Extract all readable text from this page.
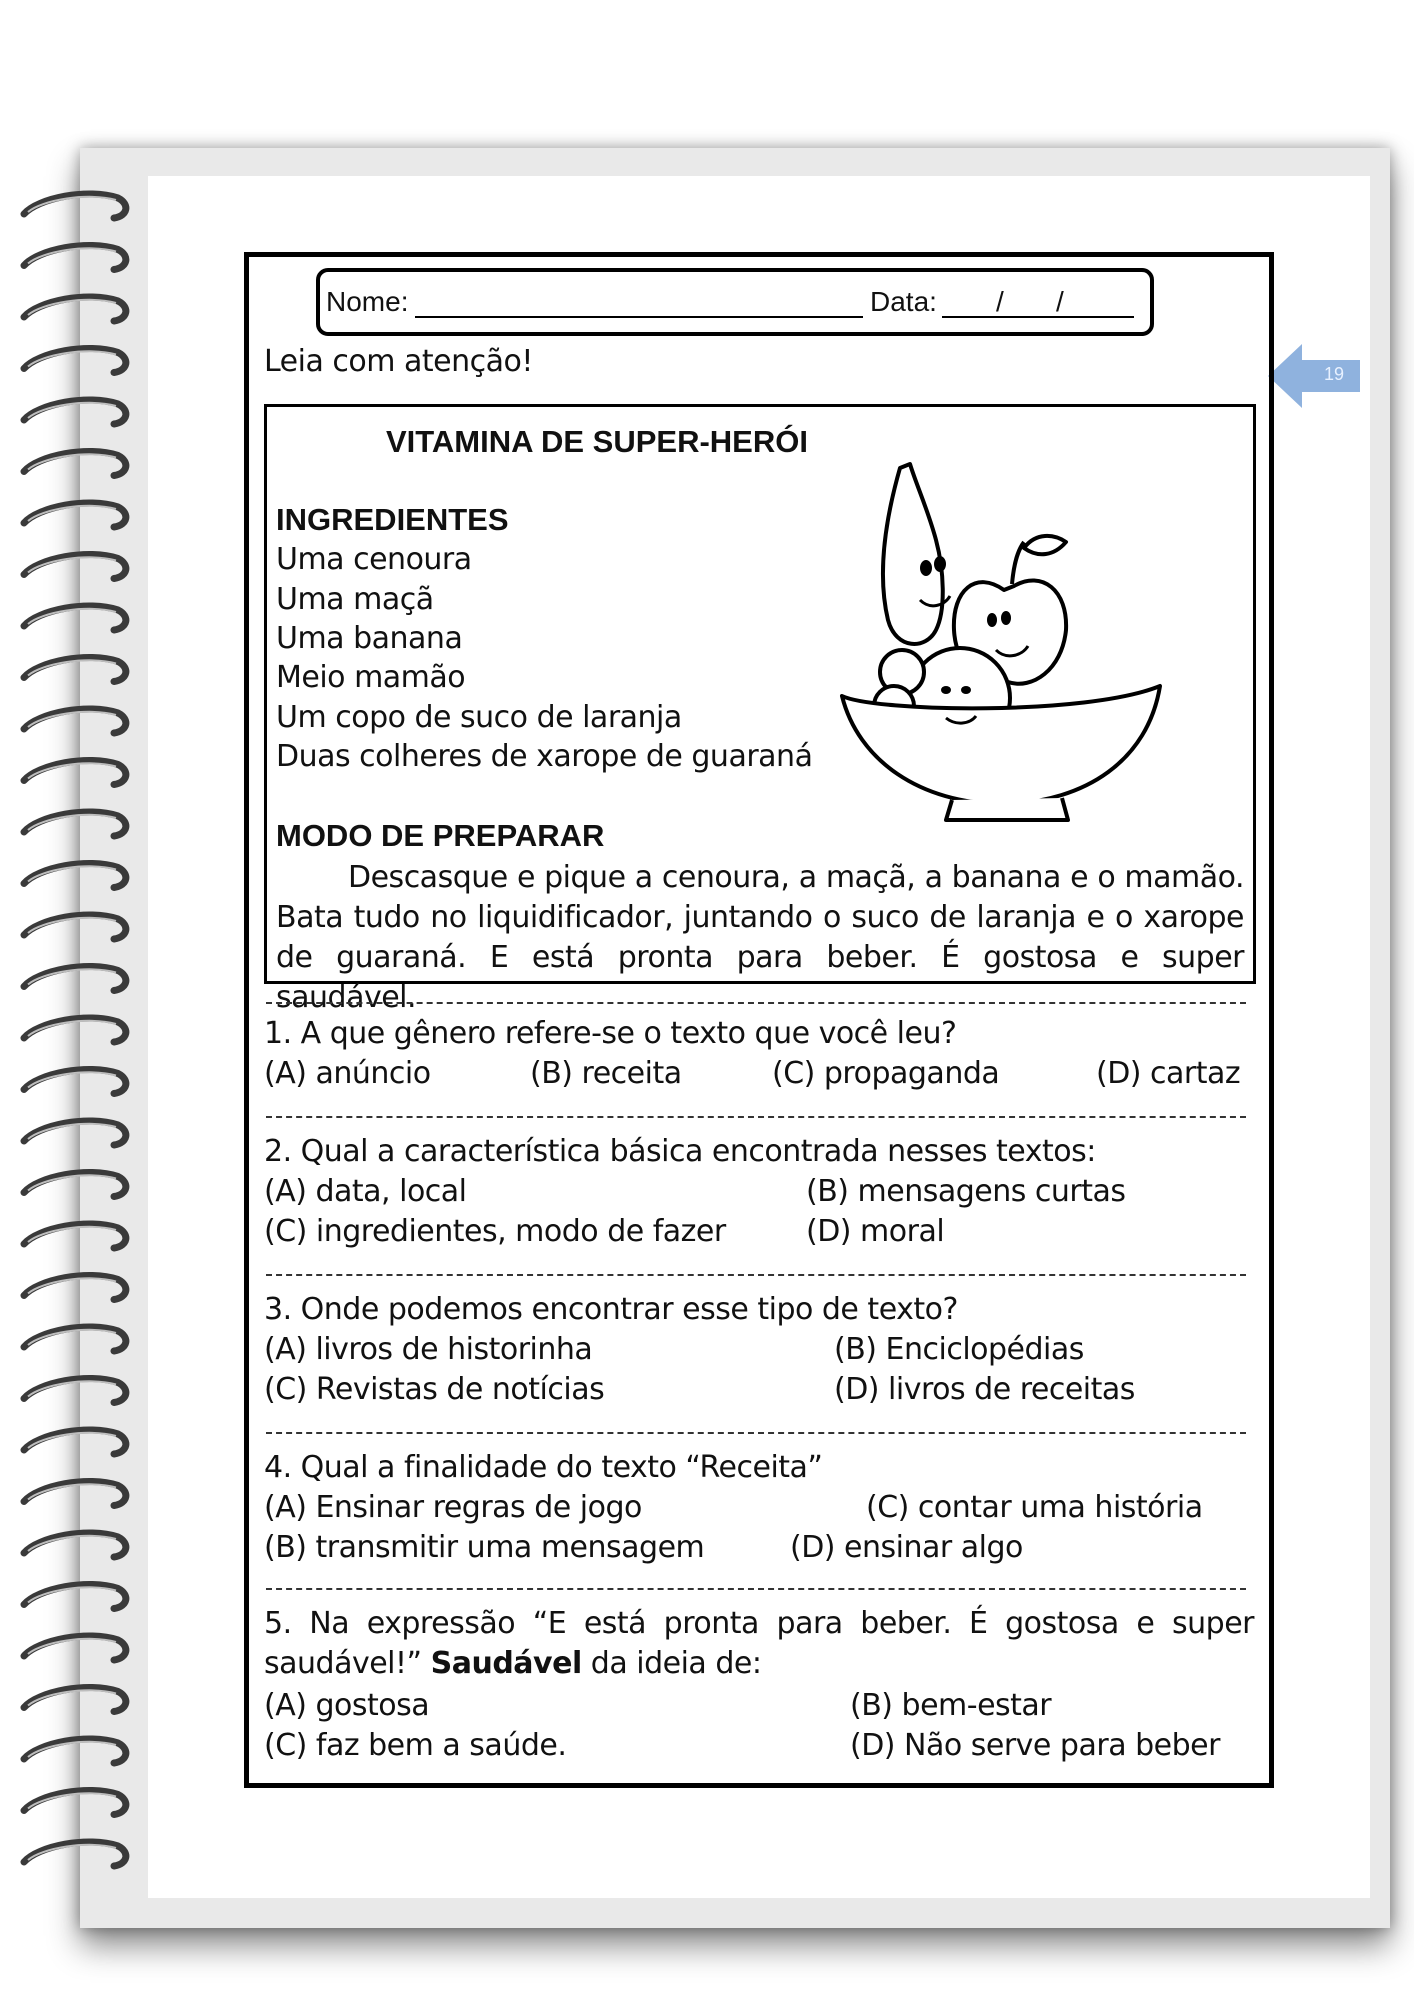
19
Nome:	Data: / /
Leia com atenção!
VITAMINA DE SUPER-HERÓI
INGREDIENTES
Uma cenoura
Uma maçã
Uma banana
Meio mamão
Um copo de suco de laranja
Duas colheres de xarope de guaraná
MODO DE PREPARAR
Descasque e pique a cenoura, a maçã, a banana e o mamão. Bata tudo no liquidificador, juntando o suco de laranja e o xarope de guaraná. E está pronta para beber. É gostosa e super saudável.
1. A que gênero refere-se o texto que você leu?
(A) anúncio	(B) receita	(C) propaganda	(D) cartaz
2. Qual a característica básica encontrada nesses textos:
(A) data, local	(B) mensagens curtas
(C) ingredientes, modo de fazer	(D) moral
3. Onde podemos encontrar esse tipo de texto?
(A) livros de historinha	(B) Enciclopédias
(C) Revistas de notícias	(D) livros de receitas
4. Qual a finalidade do texto “Receita”
(A) Ensinar regras de jogo	(C) contar uma história
(B) transmitir uma mensagem	(D) ensinar algo
5. Na expressão “E está pronta para beber. É gostosa e super saudável!” Saudável da ideia de:
(A) gostosa	(B) bem-estar
(C) faz bem a saúde.	(D) Não serve para beber
